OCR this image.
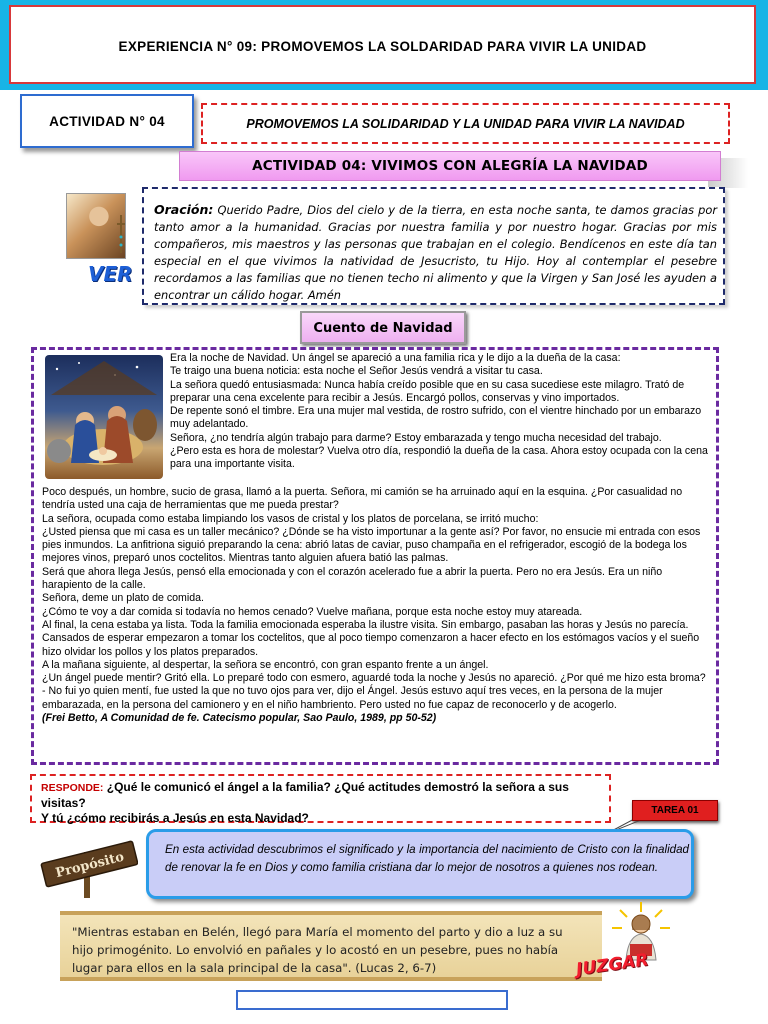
EXPERIENCIA N° 09: PROMOVEMOS LA SOLDARIDAD PARA VIVIR LA UNIDAD
ACTIVIDAD N° 04	PROMOVEMOS LA SOLIDARIDAD Y LA UNIDAD PARA VIVIR LA NAVIDAD
ACTIVIDAD 04: VIVIMOS CON ALEGRÍA LA NAVIDAD
VER
Oración: Querido Padre, Dios del cielo y de la tierra, en esta noche santa, te damos gracias por tanto amor a la humanidad. Gracias por nuestra familia y por nuestro hogar. Gracias por mis compañeros, mis maestros y las personas que trabajan en el colegio. Bendícenos en este día tan especial en el que vivimos la natividad de Jesucristo, tu Hijo. Hoy al contemplar el pesebre recordamos a las familias que no tienen techo ni alimento y que la Virgen y San José les ayuden a encontrar un cálido hogar. Amén
Cuento de Navidad
Era la noche de Navidad. Un ángel se apareció a una familia rica y le dijo a la dueña de la casa:
Te traigo una buena noticia: esta noche el Señor Jesús vendrá a visitar tu casa.
La señora quedó entusiasmada: Nunca había creído posible que en su casa sucediese este milagro. Trató de preparar una cena excelente para recibir a Jesús. Encargó pollos, conservas y vino importados.
De repente sonó el timbre. Era una mujer mal vestida, de rostro sufrido, con el vientre hinchado por un embarazo muy adelantado.
Señora, ¿no tendría algún trabajo para darme? Estoy embarazada y tengo mucha necesidad del trabajo.
¿Pero esta es hora de molestar? Vuelva otro día, respondió la dueña de la casa. Ahora estoy ocupada con la cena para una importante visita.
Poco después, un hombre, sucio de grasa, llamó a la puerta. Señora, mi camión se ha arruinado aquí en la esquina. ¿Por casualidad no tendría usted una caja de herramientas que me pueda prestar?
La señora, ocupada como estaba limpiando los vasos de cristal y los platos de porcelana, se irritó mucho:
¿Usted piensa que mi casa es un taller mecánico? ¿Dónde se ha visto importunar a la gente así? Por favor, no ensucie mi entrada con esos pies inmundos. La anfitriona siguió preparando la cena: abrió latas de caviar, puso champaña en el refrigerador, escogió de la bodega los mejores vinos, preparó unos coctelitos. Mientras tanto alguien afuera batió las palmas.
Será que ahora llega Jesús, pensó ella emocionada y con el corazón acelerado fue a abrir la puerta. Pero no era Jesús. Era un niño harapiento de la calle.
Señora, deme un plato de comida.
¿Cómo te voy a dar comida si todavía no hemos cenado? Vuelve mañana, porque esta noche estoy muy atareada.
Al final, la cena estaba ya lista. Toda la familia emocionada esperaba la ilustre visita. Sin embargo, pasaban las horas y Jesús no parecía. Cansados de esperar empezaron a tomar los coctelitos, que al poco tiempo comenzaron a hacer efecto en los estómagos vacíos y el sueño hizo olvidar los pollos y los platos preparados.
A la mañana siguiente, al despertar, la señora se encontró, con gran espanto frente a un ángel.
¿Un ángel puede mentir? Gritó ella. Lo preparé todo con esmero, aguardé toda la noche y Jesús no apareció. ¿Por qué me hizo esta broma?
- No fui yo quien mentí, fue usted la que no tuvo ojos para ver, dijo el Ángel. Jesús estuvo aquí tres veces, en la persona de la mujer embarazada, en la persona del camionero y en el niño hambriento. Pero usted no fue capaz de reconocerlo y de acogerlo.
(Frei Betto, A Comunidad de fe. Catecismo popular, Sao Paulo, 1989, pp 50-52)
RESPONDE: ¿Qué le comunicó el ángel a la familia? ¿Qué actitudes demostró la señora a sus visitas?
Y tú ¿cómo recibirás a Jesús en esta Navidad?
TAREA 01
Propósito
En esta actividad descubrimos el significado y la importancia del nacimiento de Cristo con la finalidad de renovar la fe en Dios y como familia cristiana dar lo mejor de nosotros a quienes nos rodean.
"Mientras estaban en Belén, llegó para María el momento del parto y dio a luz a su hijo primogénito. Lo envolvió en pañales y lo acostó en un pesebre, pues no había lugar para ellos en la sala principal de la casa". (Lucas 2, 6-7)	JUZGAR
